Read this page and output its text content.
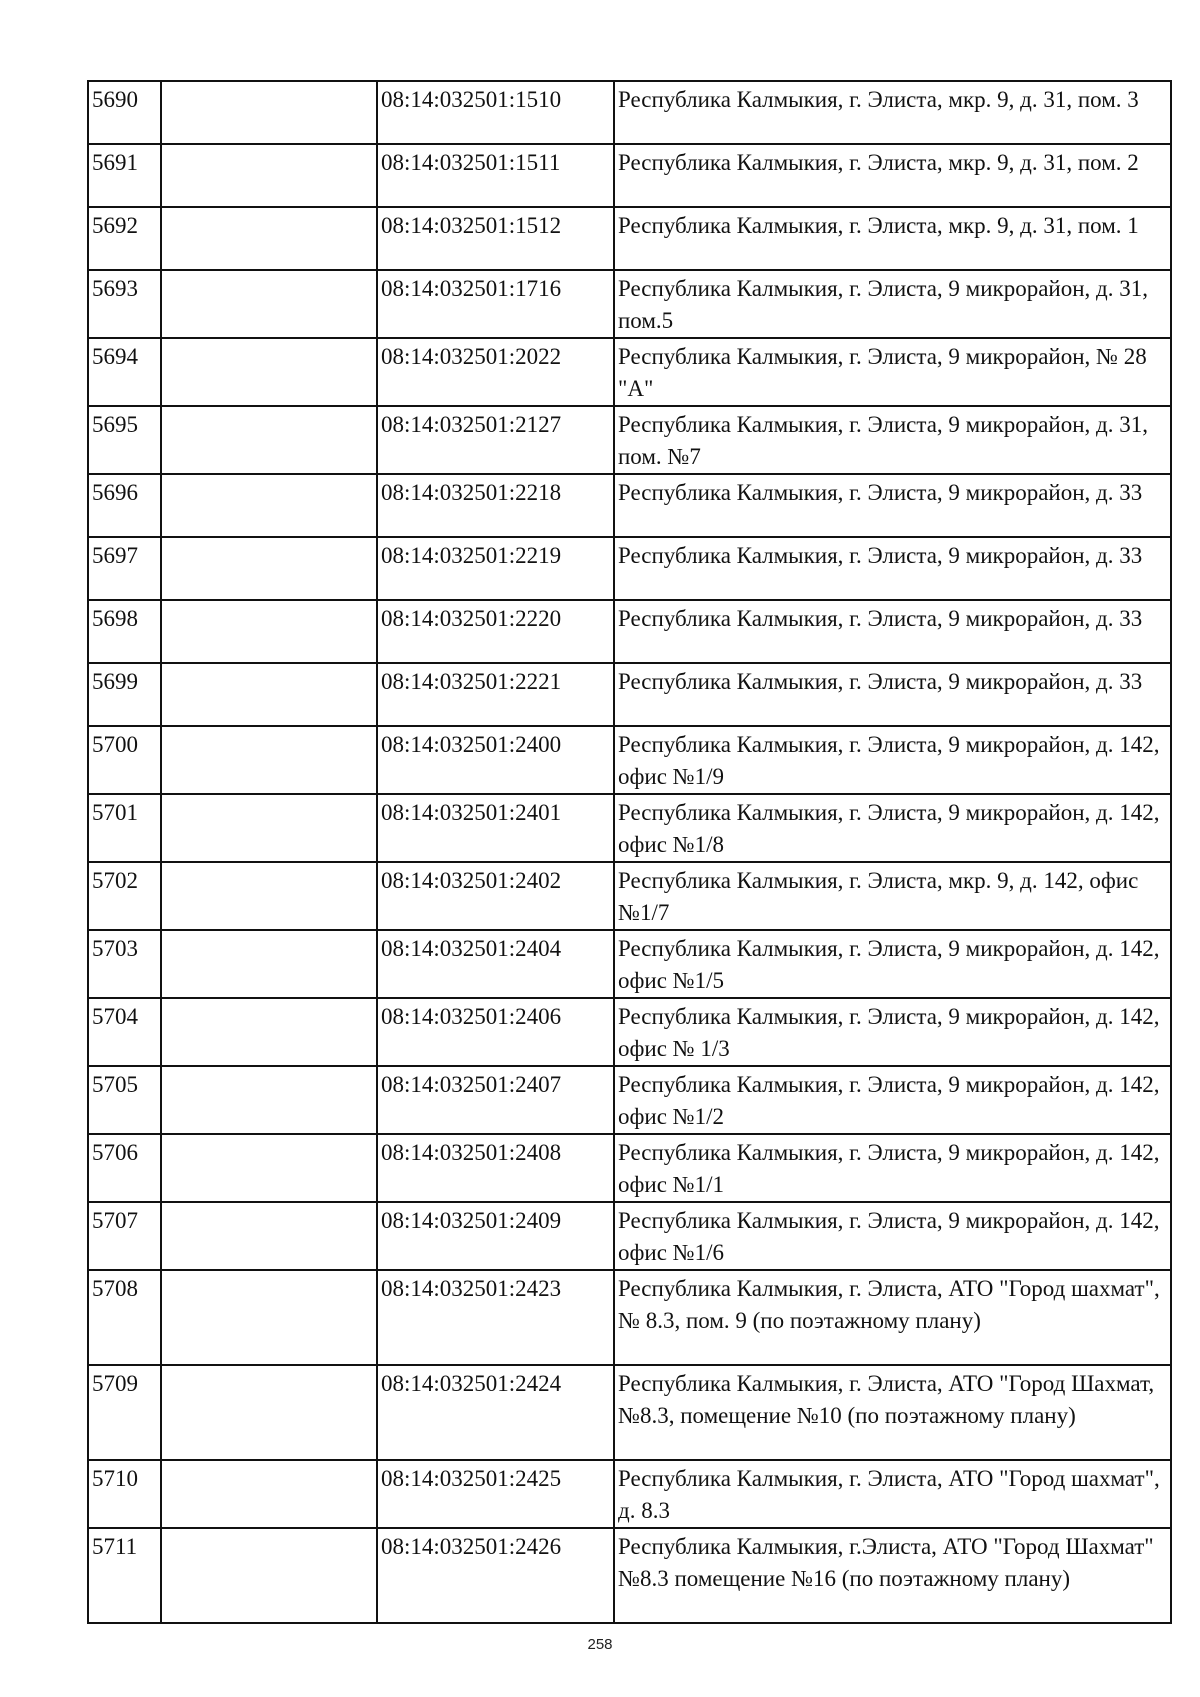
5690		08:14:032501:1510	Республика Калмыкия, г. Элиста, мкр. 9, д. 31, пом. 3
5691		08:14:032501:1511	Республика Калмыкия, г. Элиста, мкр. 9, д. 31, пом. 2
5692		08:14:032501:1512	Республика Калмыкия, г. Элиста, мкр. 9, д. 31, пом. 1
5693		08:14:032501:1716	Республика Калмыкия, г. Элиста, 9 микрорайон, д. 31, пом.5
5694		08:14:032501:2022	Республика Калмыкия, г. Элиста, 9 микрорайон, № 28 "А"
5695		08:14:032501:2127	Республика Калмыкия, г. Элиста, 9 микрорайон, д. 31, пом. №7
5696		08:14:032501:2218	Республика Калмыкия, г. Элиста, 9 микрорайон, д. 33
5697		08:14:032501:2219	Республика Калмыкия, г. Элиста, 9 микрорайон, д. 33
5698		08:14:032501:2220	Республика Калмыкия, г. Элиста, 9 микрорайон, д. 33
5699		08:14:032501:2221	Республика Калмыкия, г. Элиста, 9 микрорайон, д. 33
5700		08:14:032501:2400	Республика Калмыкия, г. Элиста, 9 микрорайон, д. 142, офис №1/9
5701		08:14:032501:2401	Республика Калмыкия, г. Элиста, 9 микрорайон, д. 142, офис №1/8
5702		08:14:032501:2402	Республика Калмыкия, г. Элиста, мкр. 9, д. 142, офис №1/7
5703		08:14:032501:2404	Республика Калмыкия, г. Элиста, 9 микрорайон, д. 142, офис №1/5
5704		08:14:032501:2406	Республика Калмыкия, г. Элиста, 9 микрорайон, д. 142, офис № 1/3
5705		08:14:032501:2407	Республика Калмыкия, г. Элиста, 9 микрорайон, д. 142, офис №1/2
5706		08:14:032501:2408	Республика Калмыкия, г. Элиста, 9 микрорайон, д. 142, офис №1/1
5707		08:14:032501:2409	Республика Калмыкия, г. Элиста, 9 микрорайон, д. 142, офис №1/6
5708		08:14:032501:2423	Республика Калмыкия, г. Элиста, АТО "Город шахмат", № 8.3, пом. 9 (по поэтажному плану)
5709		08:14:032501:2424	Республика Калмыкия, г. Элиста, АТО "Город Шахмат, №8.3, помещение №10 (по поэтажному плану)
5710		08:14:032501:2425	Республика Калмыкия, г. Элиста, АТО "Город шахмат", д. 8.3
5711		08:14:032501:2426	Республика Калмыкия, г.Элиста, АТО "Город Шахмат" №8.3 помещение №16 (по поэтажному плану)
258
